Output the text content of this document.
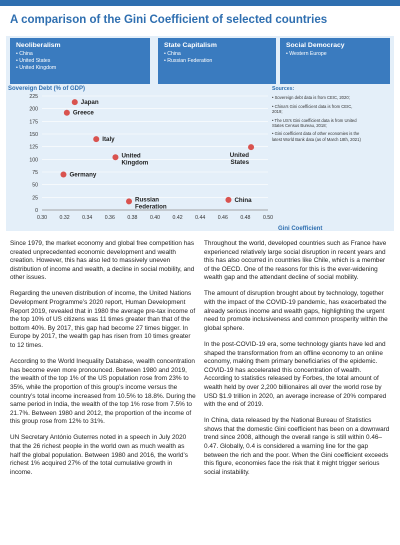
A comparison of the Gini Coefficient of selected countries
Neoliberalism
• China
• United States
• United Kingdom
State Capitalism
• China
• Russian Federation
Social Democracy
• Western Europe
0
25
50
75
100
125
150
175
200
225
0.30 0.32 0.34 0.36 0.38 0.40 0.42 0.44 0.46 0.48 0.50
Japan
Greece
Italy
United Kingdom
Germany
Russian Federation
United States
China
Sovereign Debt (% of GDP)
Gini Coefficient
Sources:
• Sovereign debt data is from CEIC, 2020;
• China’s Gini coefficient data is from CEIC, 2019;
• The US’s Gini coefficient data is from United States Census Bureau, 2018;
• Gini coefficient data of other economies is the latest World Bank data (as of March 18th, 2021)

Since 1979, the market economy and global free competition has created unprecedented economic development and wealth creation. However, this has also led to massively uneven distribution of income and wealth, a decline in social mobility, and other issues.

Regarding the uneven distribution of income, the United Nations Development Programme’s 2020 report, Human Development Report 2019, revealed that in 1980 the average pre-tax income of the top 10% of US citizens was 11 times greater than that of the bottom 40%. By 2017, this gap had become 27 times bigger. In Europe by 2017, the wealth gap has risen from 10 times greater to 12 times.

According to the World Inequality Database, wealth concentration has become even more pronounced. Between 1980 and 2019, the wealth of the top 1% of the US population rose from 23% to 35%, while the proportion of this group’s income versus the country’s total income increased from 10.5% to 18.8%. During the same period in India, the wealth of the top 1% rose from 7.5% to 21.7%. Between 1980 and 2012, the proportion of the income of this group rose from 12% to 31%.

UN Secretary António Guterres noted in a speech in July 2020 that the 26 richest people in the world own as much wealth as half the global population. Between 1980 and 2016, the world’s richest 1% acquired 27% of the total cumulative growth in income.

Throughout the world, developed countries such as France have experienced relatively large social disruption in recent years and this has also occurred in countries like Chile, which is a member of the OECD. One of the reasons for this is the ever-widening wealth gap and the attendant decline of social mobility.

The amount of disruption brought about by technology, together with the impact of the COVID-19 pandemic, has exacerbated the already serious income and wealth gaps, highlighting the urgent need to promote inclusiveness and common prosperity within the global sphere.

In the post-COVID-19 era, some technology giants have led and shaped the transformation from an offline economy to an online economy, making them primary beneficiaries of the epidemic. COVID-19 has accelerated this concentration of wealth. According to statistics released by Forbes, the total amount of wealth held by over 2,200 billionaires all over the world rose by USD $1.9 trillion in 2020, an average increase of 20% compared with the end of 2019.

In China, data released by the National Bureau of Statistics shows that the domestic Gini coefficient has been on a downward trend since 2008, although the overall range is still within 0.46–0.47. Globally, 0.4 is considered a warning line for the gap between the rich and the poor. When the Gini coefficient exceeds this figure, economies face the risk that it might trigger serious social instability.
